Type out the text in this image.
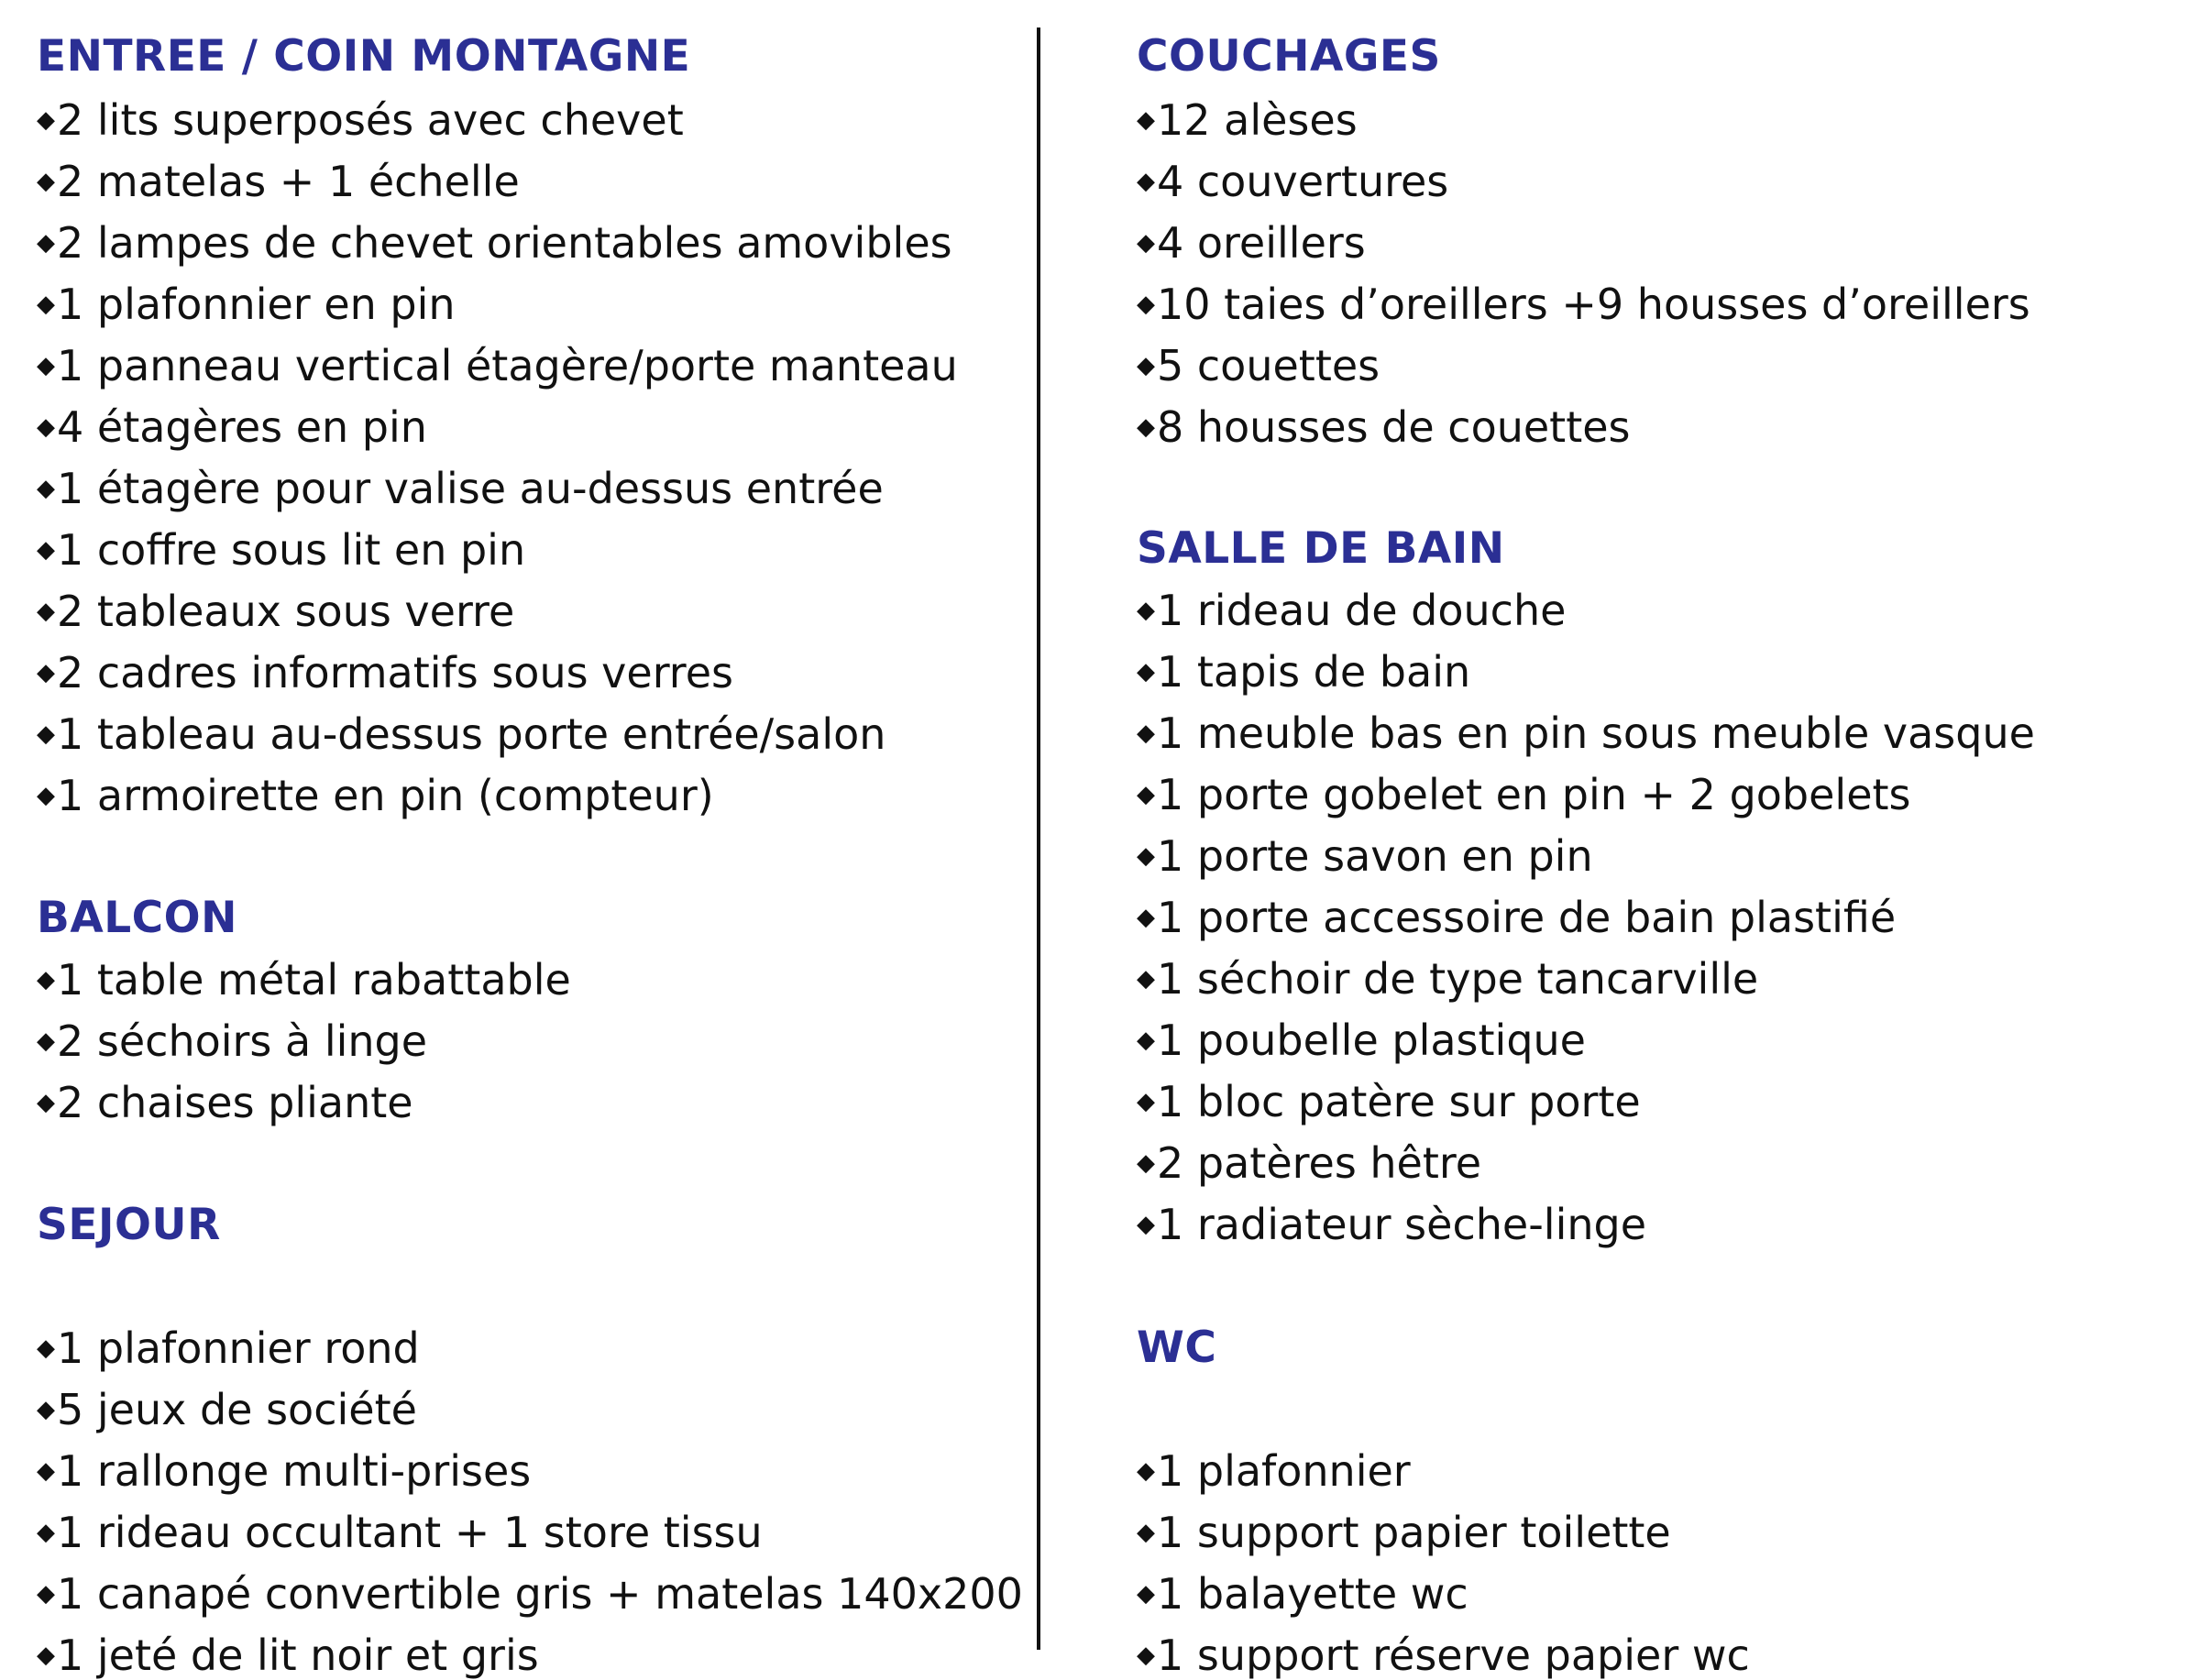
ENTREE / COIN MONTAGNE
◆2 lits superposés avec chevet
◆2 matelas + 1 échelle
◆2 lampes de chevet orientables amovibles
◆1 plafonnier en pin
◆1 panneau vertical étagère/porte manteau
◆4 étagères en pin
◆1 étagère pour valise au-dessus entrée
◆1 coffre sous lit en pin
◆2 tableaux sous verre
◆2 cadres informatifs sous verres
◆1 tableau au-dessus porte entrée/salon
◆1 armoirette en pin (compteur)
BALCON
◆1 table métal rabattable
◆2 séchoirs à linge
◆2 chaises pliante
SEJOUR
◆1 plafonnier rond
◆5 jeux de société
◆1 rallonge multi-prises
◆1 rideau occultant + 1 store tissu
◆1 canapé convertible gris + matelas 140x200
◆1 jeté de lit noir et gris
COUCHAGES
◆12 alèses
◆4 couvertures
◆4 oreillers
◆10 taies d’oreillers +9 housses d’oreillers
◆5 couettes
◆8 housses de couettes
SALLE DE BAIN
◆1 rideau de douche
◆1 tapis de bain
◆1 meuble bas en pin sous meuble vasque
◆1 porte gobelet en pin + 2 gobelets
◆1 porte savon en pin
◆1 porte accessoire de bain plastifié
◆1 séchoir de type tancarville
◆1 poubelle plastique
◆1 bloc patère sur porte
◆2 patères hêtre
◆1 radiateur sèche-linge
WC
◆1 plafonnier
◆1 support papier toilette
◆1 balayette wc
◆1 support réserve papier wc
